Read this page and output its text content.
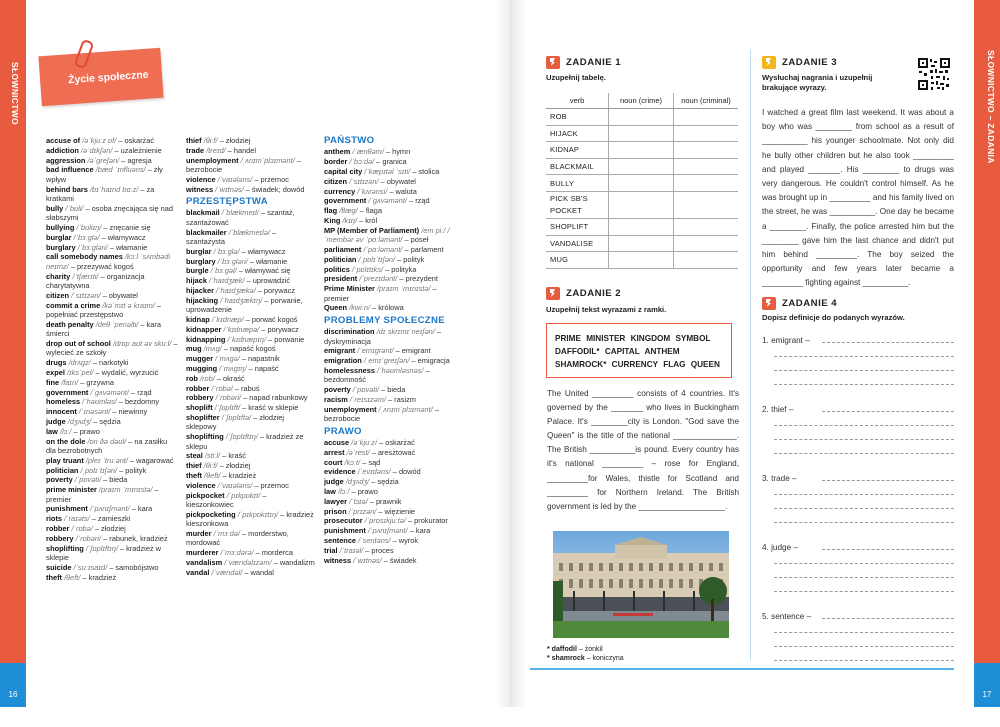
SŁOWNICTWO
16
Życie społeczne
accuse of /əˈkjuːz ɒf/ – oskarżać
addiction /əˈdɪkʃən/ – uzależnienie
aggression /əˈgreʃən/ – agresja
bad influence /bæd ˈɪnfluəns/ – zły wpływ
behind bars /bɪˈhaɪnd bɑːz/ – za kratkami
bully /ˈbʊli/ – osoba znęcająca się nad słabszymi
bullying /ˈbʊliɪŋ/ – znęcanie się
burglar /ˈbɜːglə/ – włamywacz
burglary /ˈbɜːgləri/ – włamanie
call somebody names /kɔːl ˈsʌmbədi neɪmz/ – przezywać kogoś
charity /ˈtʃærɪti/ – organizacja charytatywna
citizen /ˈsɪtɪzən/ – obywatel
commit a crime /kəˈmɪt ə kraɪm/ – popełniać przestępstwo
death penalty /deθ ˈpenəlti/ – kara śmierci
drop out of school /drɒp aʊt əv skuːl/ – wylecieć ze szkoły
drugs /drʌgz/ – narkotyki
expel /ɪksˈpel/ – wydalić, wyrzucić
fine /faɪn/ – grzywna
government /ˈgʌvəmənt/ – rząd
homeless /ˈhəʊmləs/ – bezdomny
innocent /ˈɪnəsənt/ – niewinny
judge /dʒʌdʒ/ – sędzia
law /lɔː/ – prawo
on the dole /ɒn ðə dəʊl/ – na zasiłku dla bezrobotnych
play truant /pleɪ ˈtruːənt/ – wagarować
politician /ˌpɒlɪˈtɪʃən/ – polityk
poverty /ˈpɒvəti/ – bieda
prime minister /praɪm ˈmɪnɪstə/ – premier
punishment /ˈpʌnɪʃmənt/ – kara
riots /ˈraɪəts/ – zamieszki
robber /ˈrɒbə/ – złodziej
robbery /ˈrɒbəri/ – rabunek, kradzież
shoplifting /ˈʃɒplɪftɪŋ/ – kradzież w sklepie
suicide /ˈsuːɪsaɪd/ – samobójstwo
theft /θeft/ – kradzież
thief /θiːf/ – złodziej
trade /treɪd/ – handel
unemployment /ˌʌnɪmˈplɔɪmənt/ – bezrobocie
violence /ˈvaɪələns/ – przemoc
witness /ˈwɪtnəs/ – świadek; dowód
PRZESTĘPSTWA
blackmail /ˈblækmeɪl/ – szantaż, szantażować
blackmailer /ˈblækmeɪlə/ – szantażysta
burglar /ˈbɜːglə/ – włamywacz
burglary /ˈbɜːgləri/ – włamanie
burgle /ˈbɜːgəl/ – włamywać się
hijack /ˈhaɪdʒæk/ – uprowadzić
hijacker /ˈhaɪdʒækə/ – porywacz
hijacking /ˈhaɪdʒækɪŋ/ – porwanie, uprowadzenie
kidnap /ˈkɪdnæp/ – porwać kogoś
kidnapper /ˈkɪdnæpə/ – porywacz
kidnapping /ˈkɪdnæpɪŋ/ – porwanie
mug /mʌg/ – napaść kogoś
mugger /ˈmʌgə/ – napastnik
mugging /ˈmʌgɪŋ/ – napaść
rob /rɒb/ – okraść
robber /ˈrɒbə/ – rabuś
robbery /ˈrɒbəri/ – napad rabunkowy
shoplift /ˈʃɒplɪft/ – kraść w sklepie
shoplifter /ˈʃɒplɪftə/ – złodziej sklepowy
shoplifting /ˈʃɒplɪftɪŋ/ – kradzież ze sklepu
steal /stiːl/ – kraść
thief /θiːf/ – złodziej
theft /θeft/ – kradzież
violence /ˈvaɪələns/ – przemoc
pickpocket /ˈpɪkpɒkɪt/ – kieszonkowiec
pickpocketing /ˈpɪkpɒkɪtɪŋ/ – kradzież kieszonkowa
murder /ˈmɜːdə/ – morderstwo, mordować
murderer /ˈmɜːdərə/ – morderca
vandalism /ˈvændəlɪzəm/ – wandalizm
vandal /ˈvændəl/ – wandal
PAŃSTWO
anthem /ˈænθəm/ – hymn
border /ˈbɔːdə/ – granica
capital city /ˈkæpɪtəl ˈsɪti/ – stolica
citizen /ˈsɪtɪzən/ – obywatel
currency /ˈkʌrənsi/ – waluta
government /ˈgʌvəmənt/ – rząd
flag /flæg/ – flaga
King /kɪŋ/ – król
MP (Member of Parliament) /em piː/ /ˈmembər əv ˈpɑːləmənt/ – poseł
parliament /ˈpɑːləmənt/ – parlament
politician /ˌpɒlɪˈtɪʃən/ – polityk
politics /ˈpɒlɪtɪks/ – polityka
president /ˈprezɪdənt/ – prezydent
Prime Minister /praɪm ˈmɪnɪstə/ – premier
Queen /kwiːn/ – królowa
PROBLEMY SPOŁECZNE
discrimination /dɪˌskrɪmɪˈneɪʃən/ – dyskryminacja
emigrant /ˈemɪgrənt/ – emigrant
emigration /ˌemɪˈgreɪʃən/ – emigracja
homelessness /ˈhəʊmləsnəs/ – bezdomność
poverty /ˈpɒvəti/ – bieda
racism /ˈreɪsɪzəm/ – rasizm
unemployment /ˌʌnɪmˈplɔɪmənt/ – bezrobocie
PRAWO
accuse /əˈkjuːz/ – oskarżać
arrest /əˈrest/ – aresztować
court /kɔːt/ – sąd
evidence /ˈevɪdəns/ – dowód
judge /dʒʌdʒ/ – sędzia
law /lɔː/ – prawo
lawyer /ˈlɔɪə/ – prawnik
prison /ˈprɪzən/ – więzienie
prosecutor /ˈprɒsɪkjuːtə/ – prokurator
punishment /ˈpʌnɪʃmənt/ – kara
sentence /ˈsentəns/ – wyrok
trial /ˈtraɪəl/ – proces
witness /ˈwɪtnəs/ – świadek
SŁOWNICTWO – ZADANIA
17
ZADANIE 1
Uzupełnij tabelę.
verb	noun (crime)	noun (criminal)
ROB		
HIJACK		
KIDNAP		
BLACKMAIL		
BULLY		
PICK SB'S POCKET		
SHOPLIFT		
VANDALISE		
MUG		
ZADANIE 2
Uzupełnij tekst wyrazami z ramki.
PRIME MINISTER KINGDOM SYMBOL DAFFODIL* CAPITAL ANTHEM SHAMROCK* CURRENCY FLAG QUEEN
The United _________ consists of 4 countries. It's governed by the _______ who lives in Buckingham Palace. It's ________city is London. "God save the Queen" is the title of the national ______________. The British __________is pound. Every country has it's national _________ – rose for England, _________for Wales, thistle for Scotland and _________ for Northern Ireland. The British government is led by the ___________________.
* daffodil – żonkil
* shamrock – koniczyna
ZADANIE 3
Wysłuchaj nagrania i uzupełnij brakujące wyrazy.
I watched a great film last weekend. It was about a boy who was ________ from school as a result of __________ his younger schoolmate. Not only did he bully other children but he also took _________ and played _______. His ________ to drugs was very dangerous. He couldn't control himself. As he was brought up in _________ and his family lived on the street, he was __________. One day he became a ________. Finally, the police arrested him but the ________ gave him the last chance and didn't put him behind _________. The boy seized the opportunity and few years later became a _________ fighting against __________.
ZADANIE 4
Dopisz definicje do podanych wyrazów.
1. emigrant –
2. thief –
3. trade –
4. judge –
5. sentence –
